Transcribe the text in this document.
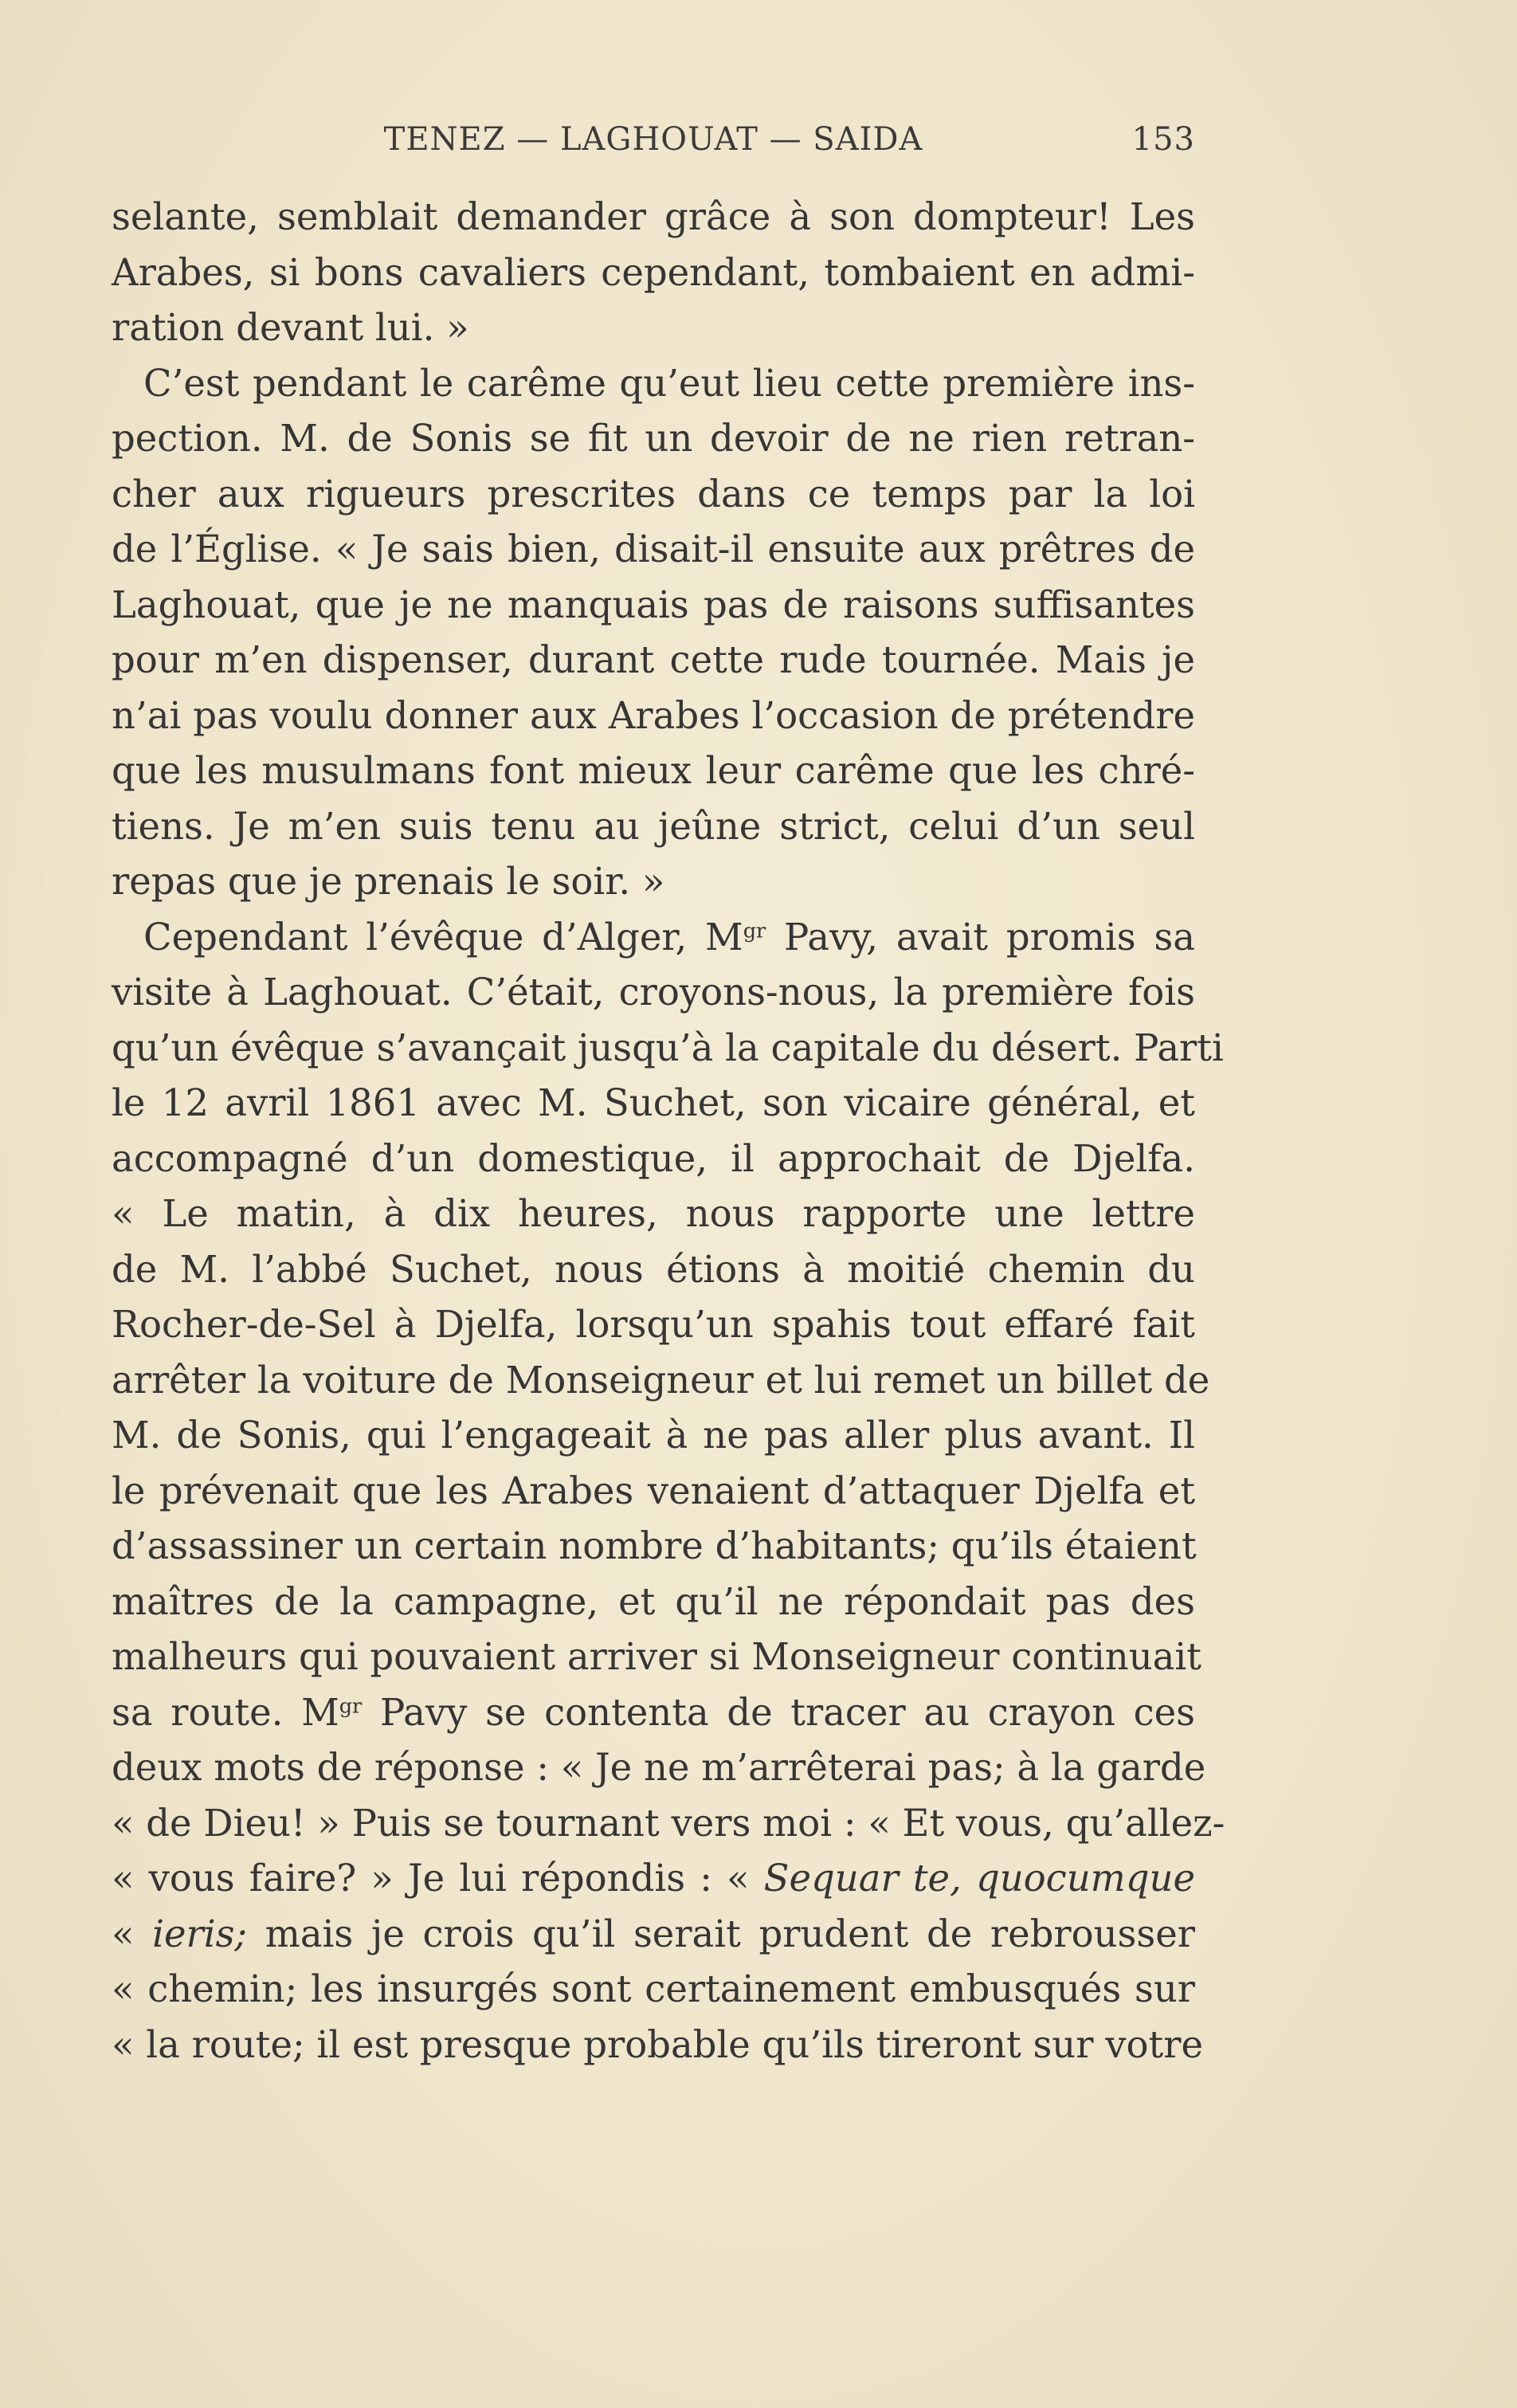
TENEZ — LAGHOUAT — SAIDA	153
selante, semblait demander grâce à son dompteur! Les
Arabes, si bons cavaliers cependant, tombaient en admi-
ration devant lui. »
C’est pendant le carême qu’eut lieu cette première ins-
pection. M. de Sonis se fit un devoir de ne rien retran-
cher aux rigueurs prescrites dans ce temps par la loi
de l’Église. « Je sais bien, disait-il ensuite aux prêtres de
Laghouat, que je ne manquais pas de raisons suffisantes
pour m’en dispenser, durant cette rude tournée. Mais je
n’ai pas voulu donner aux Arabes l’occasion de prétendre
que les musulmans font mieux leur carême que les chré-
tiens. Je m’en suis tenu au jeûne strict, celui d’un seul
repas que je prenais le soir. »
Cependant l’évêque d’Alger, $M^{gr}$ Pavy, avait promis sa
visite à Laghouat. C’était, croyons-nous, la première fois
qu’un évêque s’avançait jusqu’à la capitale du désert. Parti
le 12 avril 1861 avec M. Suchet, son vicaire général, et
accompagné d’un domestique, il approchait de Djelfa.
« Le matin, à dix heures, nous rapporte une lettre
de M. l’abbé Suchet, nous étions à moitié chemin du
Rocher-de-Sel à Djelfa, lorsqu’un spahis tout effaré fait
arrêter la voiture de Monseigneur et lui remet un billet de
M. de Sonis, qui l’engageait à ne pas aller plus avant. Il
le prévenait que les Arabes venaient d’attaquer Djelfa et
d’assassiner un certain nombre d’habitants; qu’ils étaient
maîtres de la campagne, et qu’il ne répondait pas des
malheurs qui pouvaient arriver si Monseigneur continuait
sa route. $M^{gr}$ Pavy se contenta de tracer au crayon ces
deux mots de réponse : « Je ne m’arrêterai pas; à la garde
« de Dieu! » Puis se tournant vers moi : « Et vous, qu’allez-
« vous faire? » Je lui répondis : « Sequar te, quocumque
« ieris; mais je crois qu’il serait prudent de rebrousser
« chemin; les insurgés sont certainement embusqués sur
« la route; il est presque probable qu’ils tireront sur votre
